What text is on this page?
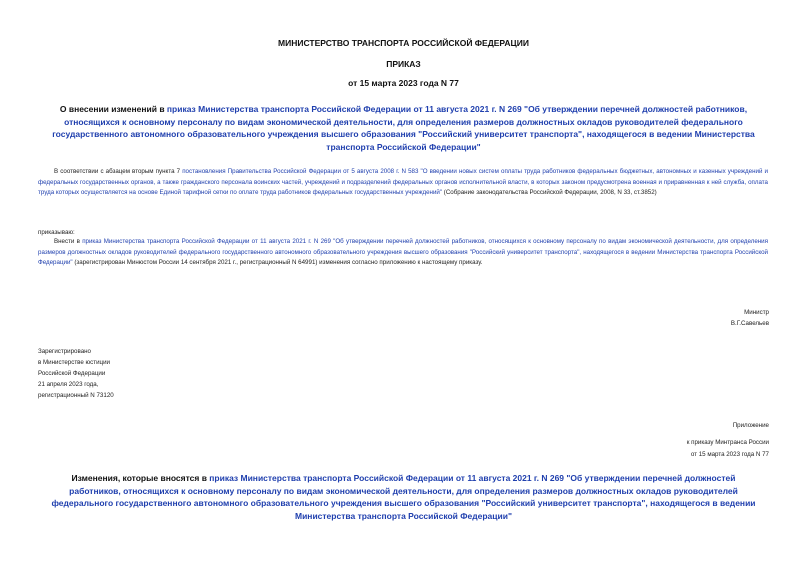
МИНИСТЕРСТВО ТРАНСПОРТА РОССИЙСКОЙ ФЕДЕРАЦИИ
ПРИКАЗ
от 15 марта 2023 года N 77
О внесении изменений в приказ Министерства транспорта Российской Федерации от 11 августа 2021 г. N 269 "Об утверждении перечней должностей работников, относящихся к основному персоналу по видам экономической деятельности, для определения размеров должностных окладов руководителей федерального государственного автономного образовательного учреждения высшего образования "Российский университет транспорта", находящегося в ведении Министерства транспорта Российской Федерации"
В соответствии с абзацем вторым пункта 7 постановления Правительства Российской Федерации от 5 августа 2008 г. N 583 "О введении новых систем оплаты труда работников федеральных бюджетных, автономных и казенных учреждений и федеральных государственных органов, а также гражданского персонала воинских частей, учреждений и подразделений федеральных органов исполнительной власти, в которых законом предусмотрена военная и приравненная к ней служба, оплата труда которых осуществляется на основе Единой тарифной сетки по оплате труда работников федеральных государственных учреждений" (Собрание законодательства Российской Федерации, 2008, N 33, ст.3852)
приказываю:
Внести в приказ Министерства транспорта Российской Федерации от 11 августа 2021 г. N 269 "Об утверждении перечней должностей работников, относящихся к основному персоналу по видам экономической деятельности, для определения размеров должностных окладов руководителей федерального государственного автономного образовательного учреждения высшего образования "Российский университет транспорта", находящегося в ведении Министерства транспорта Российской Федерации" (зарегистрирован Минюстом России 14 сентября 2021 г., регистрационный N 64991) изменения согласно приложению к настоящему приказу.
Министр
В.Г.Савельев
Зарегистрировано
в Министерстве юстиции
Российской Федерации
21 апреля 2023 года,
регистрационный N 73120
Приложение
к приказу Минтранса России
от 15 марта 2023 года N 77
Изменения, которые вносятся в приказ Министерства транспорта Российской Федерации от 11 августа 2021 г. N 269 "Об утверждении перечней должностей работников, относящихся к основному персоналу по видам экономической деятельности, для определения размеров должностных окладов руководителей федерального государственного автономного образовательного учреждения высшего образования "Российский университет транспорта", находящегося в ведении Министерства транспорта Российской Федерации"
